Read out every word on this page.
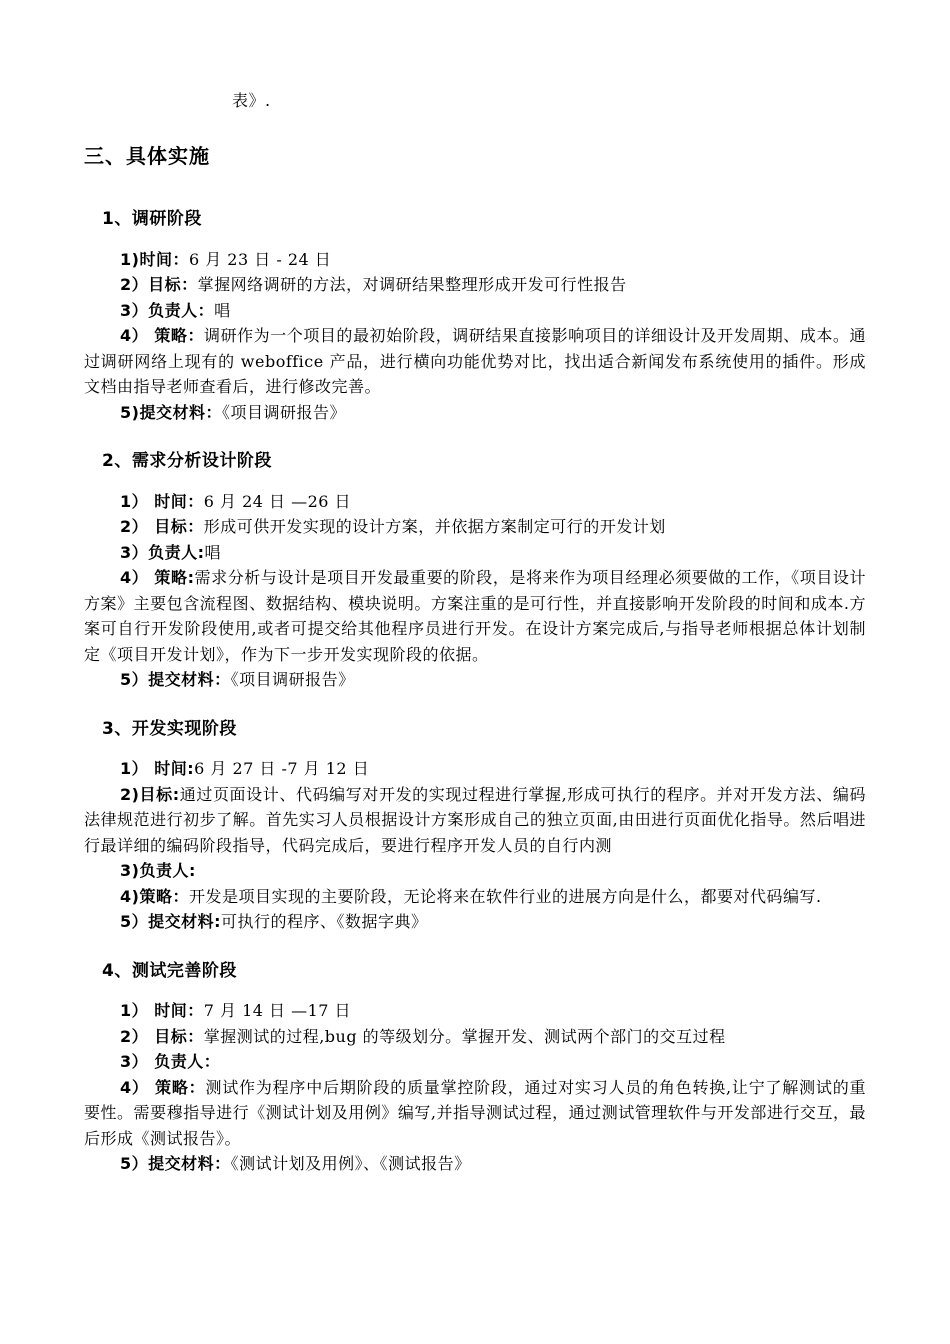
表》.

三、具体实施
1、调研阶段

1)时间：6 月 23 日 - 24 日

2）目标：掌握网络调研的方法，对调研结果整理形成开发可行性报告

3）负责人：唱

4） 策略：调研作为一个项目的最初始阶段，调研结果直接影响项目的详细设计及开发周期、成本。通过调研网络上现有的 weboffice 产品，进行横向功能优势对比，找出适合新闻发布系统使用的插件。形成文档由指导老师查看后，进行修改完善。

5)提交材料：《项目调研报告》

2、需求分析设计阶段

1） 时间：6 月 24 日 —26 日

2） 目标：形成可供开发实现的设计方案，并依据方案制定可行的开发计划

3）负责人:唱

4） 策略:需求分析与设计是项目开发最重要的阶段，是将来作为项目经理必须要做的工作，《项目设计方案》主要包含流程图、数据结构、模块说明。方案注重的是可行性，并直接影响开发阶段的时间和成本.方案可自行开发阶段使用,或者可提交给其他程序员进行开发。在设计方案完成后,与指导老师根据总体计划制定《项目开发计划》，作为下一步开发实现阶段的依据。

5）提交材料：《项目调研报告》

3、开发实现阶段

1） 时间:6 月 27 日 -7 月 12 日

2)目标:通过页面设计、代码编写对开发的实现过程进行掌握,形成可执行的程序。并对开发方法、编码法律规范进行初步了解。首先实习人员根据设计方案形成自己的独立页面,由田进行页面优化指导。然后唱进行最详细的编码阶段指导，代码完成后，要进行程序开发人员的自行内测

3)负责人:

4)策略：开发是项目实现的主要阶段，无论将来在软件行业的进展方向是什么，都要对代码编写.

5）提交材料:可执行的程序、《数据字典》

4、测试完善阶段

1） 时间：7 月 14 日 —17 日

2） 目标：掌握测试的过程,bug 的等级划分。掌握开发、测试两个部门的交互过程

3） 负责人：

4） 策略：测试作为程序中后期阶段的质量掌控阶段，通过对实习人员的角色转换,让宁了解测试的重要性。需要穆指导进行《测试计划及用例》编写,并指导测试过程，通过测试管理软件与开发部进行交互，最后形成《测试报告》。

5）提交材料：《测试计划及用例》、《测试报告》
